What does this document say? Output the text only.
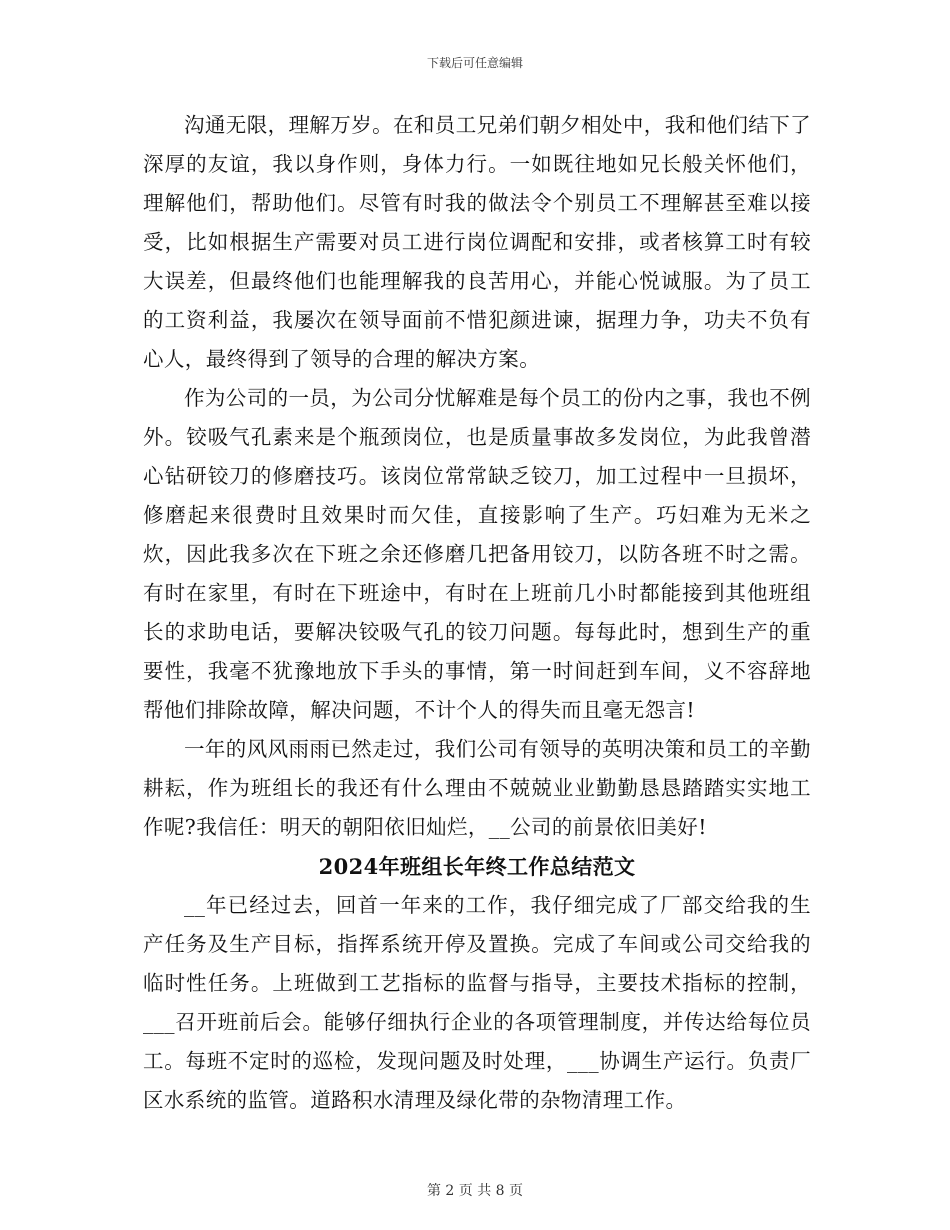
下载后可任意编辑

沟通无限，理解万岁。在和员工兄弟们朝夕相处中，我和他们结下了深厚的友谊，我以身作则，身体力行。一如既往地如兄长般关怀他们，理解他们，帮助他们。尽管有时我的做法令个别员工不理解甚至难以接受，比如根据生产需要对员工进行岗位调配和安排，或者核算工时有较大误差，但最终他们也能理解我的良苦用心，并能心悦诚服。为了员工的工资利益，我屡次在领导面前不惜犯颜进谏，据理力争，功夫不负有心人，最终得到了领导的合理的解决方案。

作为公司的一员，为公司分忧解难是每个员工的份内之事，我也不例外。铰吸气孔素来是个瓶颈岗位，也是质量事故多发岗位，为此我曾潜心钻研铰刀的修磨技巧。该岗位常常缺乏铰刀，加工过程中一旦损坏，修磨起来很费时且效果时而欠佳，直接影响了生产。巧妇难为无米之炊，因此我多次在下班之余还修磨几把备用铰刀，以防各班不时之需。有时在家里，有时在下班途中，有时在上班前几小时都能接到其他班组长的求助电话，要解决铰吸气孔的铰刀问题。每每此时，想到生产的重要性，我毫不犹豫地放下手头的事情，第一时间赶到车间，义不容辞地帮他们排除故障，解决问题，不计个人的得失而且毫无怨言!

一年的风风雨雨已然走过，我们公司有领导的英明决策和员工的辛勤耕耘，作为班组长的我还有什么理由不兢兢业业勤勤恳恳踏踏实实地工作呢?我信任：明天的朝阳依旧灿烂，__公司的前景依旧美好!

2024年班组长年终工作总结范文

__年已经过去，回首一年来的工作，我仔细完成了厂部交给我的生产任务及生产目标，指挥系统开停及置换。完成了车间或公司交给我的临时性任务。上班做到工艺指标的监督与指导，主要技术指标的控制，___召开班前后会。能够仔细执行企业的各项管理制度，并传达给每位员工。每班不定时的巡检，发现问题及时处理，___协调生产运行。负责厂区水系统的监管。道路积水清理及绿化带的杂物清理工作。

第 2 页 共 8 页
